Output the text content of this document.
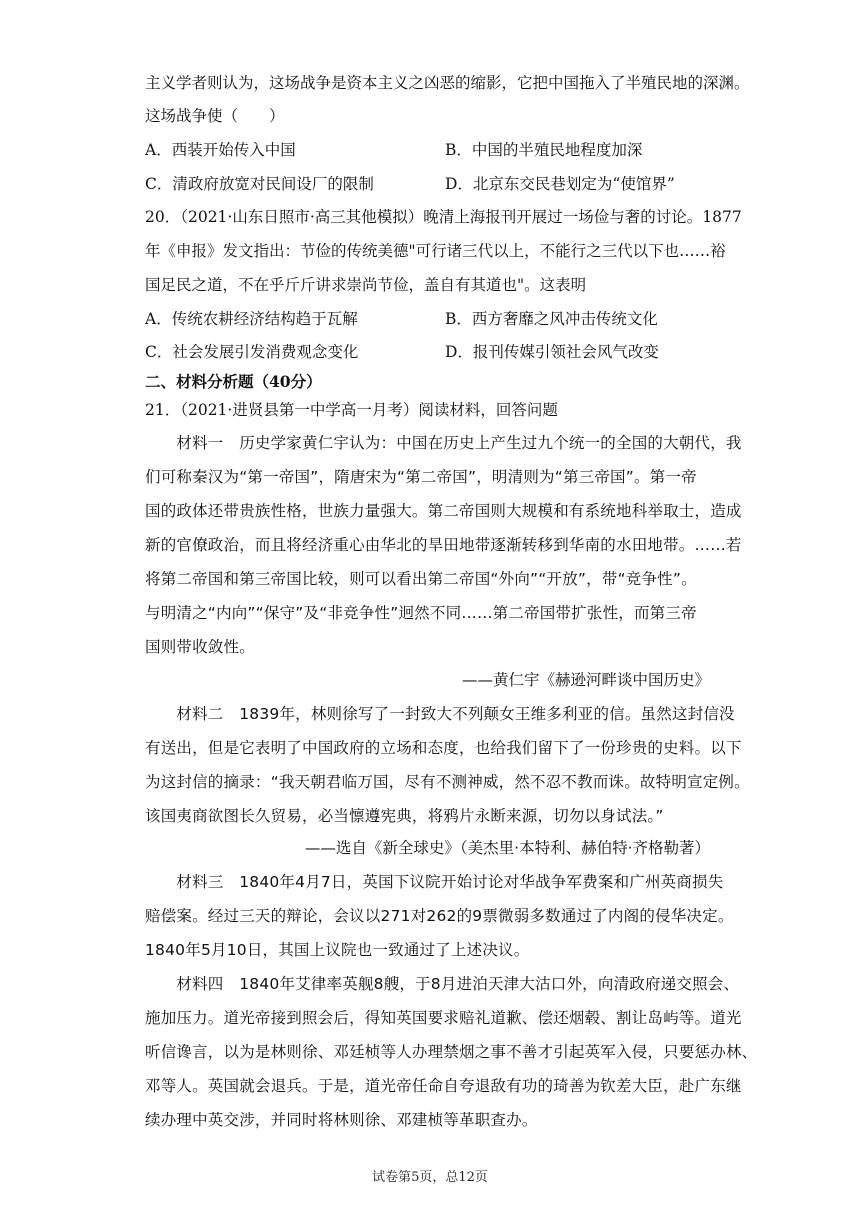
主义学者则认为，这场战争是资本主义之凶恶的缩影，它把中国拖入了半殖民地的深渊。
这场战争使（　　）
A．西装开始传入中国	B．中国的半殖民地程度加深
C．清政府放宽对民间设厂的限制	D．北京东交民巷划定为“使馆界”
20．（2021·山东日照市·高三其他模拟）晚清上海报刊开展过一场俭与奢的讨论。1877
年《申报》发文指出：节俭的传统美德"可行诸三代以上，不能行之三代以下也……裕
国足民之道，不在乎斤斤讲求崇尚节俭，盖自有其道也"。这表明
A．传统农耕经济结构趋于瓦解	B．西方奢靡之风冲击传统文化
C．社会发展引发消费观念变化	D．报刊传媒引领社会风气改变
二、材料分析题（40分）
21．（2021·进贤县第一中学高一月考）阅读材料，回答问题
　　材料一　历史学家黄仁宇认为：中国在历史上产生过九个统一的全国的大朝代，我
们可称秦汉为“第一帝国”，隋唐宋为“第二帝国”，明清则为“第三帝国”。第一帝
国的政体还带贵族性格，世族力量强大。第二帝国则大规模和有系统地科举取士，造成
新的官僚政治，而且将经济重心由华北的旱田地带逐渐转移到华南的水田地带。……若
将第二帝国和第三帝国比较，则可以看出第二帝国“外向”“开放”，带“竞争性”。
与明清之“内向”“保守”及“非竞争性”迥然不同……第二帝国带扩张性，而第三帝
国则带收敛性。
——黄仁宇《赫逊河畔谈中国历史》
　　材料二　1839年，林则徐写了一封致大不列颠女王维多利亚的信。虽然这封信没
有送出，但是它表明了中国政府的立场和态度，也给我们留下了一份珍贵的史料。以下
为这封信的摘录：“我天朝君临万国，尽有不测神威，然不忍不教而诛。故特明宣定例。
该国夷商欲图长久贸易，必当懔遵宪典，将鸦片永断来源，切勿以身试法。”
——选自《新全球史》（美杰里·本特利、赫伯特·齐格勒著）
　　材料三　1840年4月7日，英国下议院开始讨论对华战争军费案和广州英商损失
赔偿案。经过三天的辩论，会议以271对262的9票微弱多数通过了内阁的侵华决定。
1840年5月10日，其国上议院也一致通过了上述决议。
　　材料四　1840年艾律率英舰8艘，于8月进泊天津大沽口外，向清政府递交照会、
施加压力。道光帝接到照会后，得知英国要求赔礼道歉、偿还烟毂、割让岛屿等。道光
听信谗言，以为是林则徐、邓廷桢等人办理禁烟之事不善才引起英军入侵，只要惩办林、
邓等人。英国就会退兵。于是，道光帝任命自夸退敌有功的琦善为钦差大臣，赴广东继
续办理中英交涉，并同时将林则徐、邓建桢等革职查办。
试卷第5页，总12页
